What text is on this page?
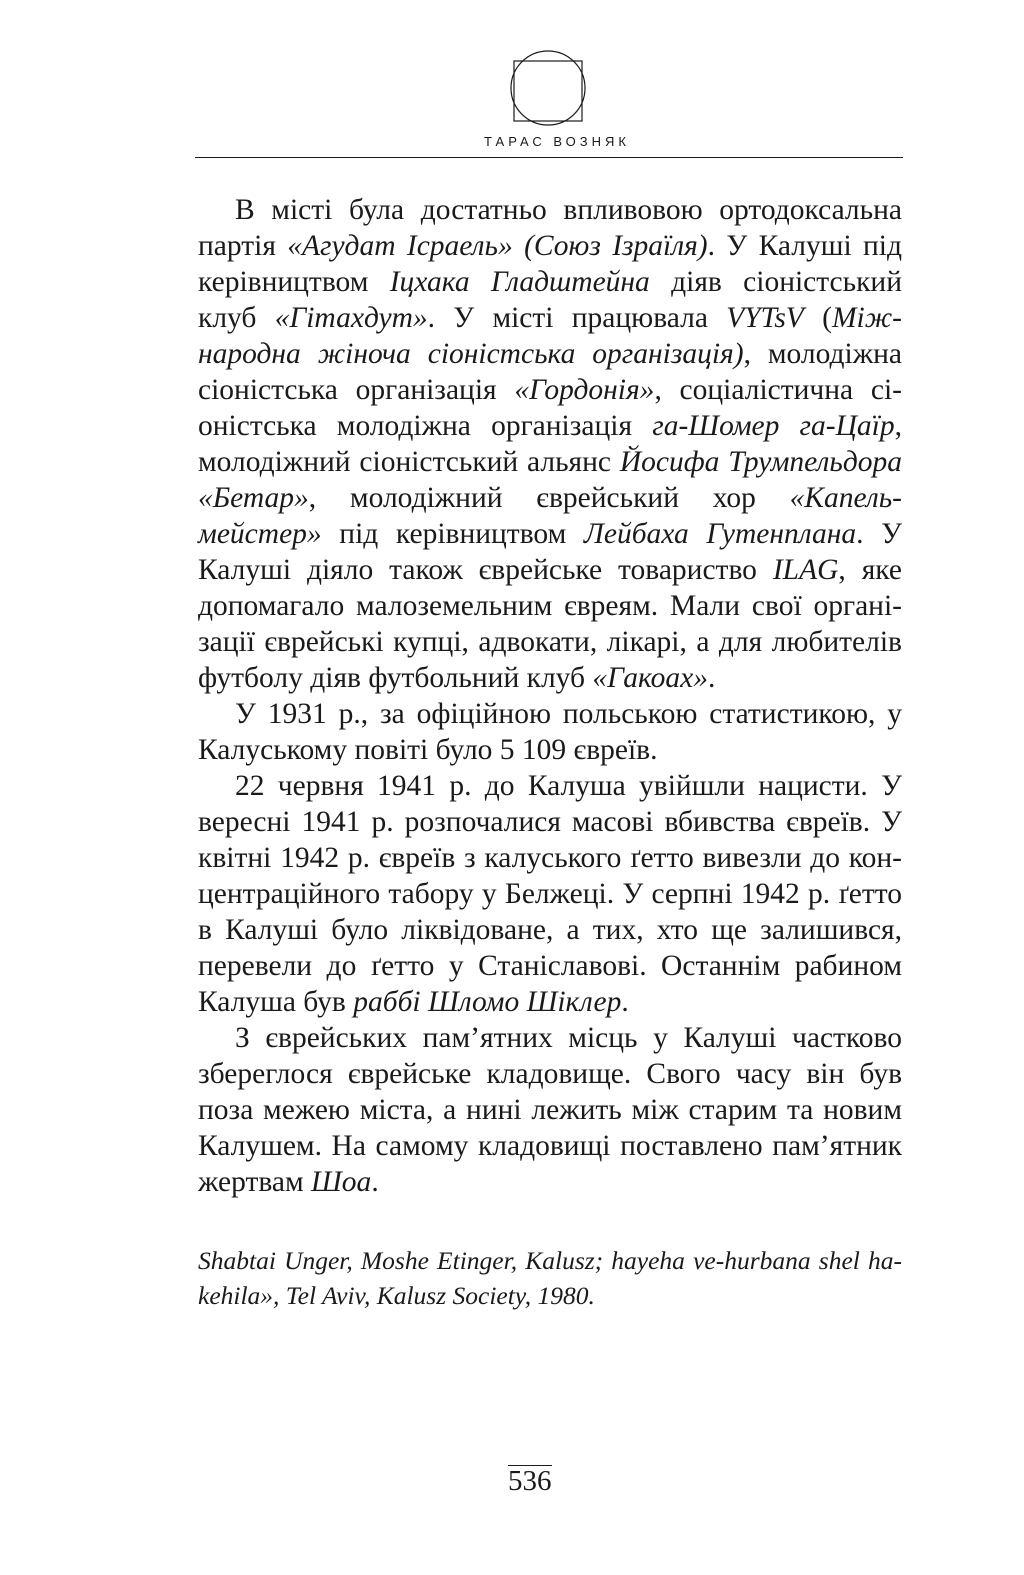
ТАРАС ВОЗНЯК

В місті була достатньо впливовою ортодоксальна партія «Агудат Ісраель» (Союз Ізраїля). У Калуші під керівництвом Іцхака Гладштейна діяв сіоністський клуб «Гітахдут». У місті працювала VYTsV (Міжнародна жіноча сіоністська організація), молодіжна сіоністська організація «Гордонія», соціалістична сіоністська молодіжна організація га-Шомер га-Цаїр, молодіжний сіоністський альянс Йосифа Трумпельдора «Бетар», молодіжний єврейський хор «Капельмейстер» під керівництвом Лейбаха Гутенплана. У Калуші діяло також єврейське товариство ILAG, яке допомагало малоземельним євреям. Мали свої організації єврейські купці, адвокати, лікарі, а для любителів футболу діяв футбольний клуб «Гакоах».

У 1931 р., за офіційною польською статистикою, у Калуському повіті було 5 109 євреїв.

22 червня 1941 р. до Калуша увійшли нацисти. У вересні 1941 р. розпочалися масові вбивства євреїв. У квітні 1942 р. євреїв з калуського ґетто вивезли до концентраційного табору у Белжеці. У серпні 1942 р. ґетто в Калуші було ліквідоване, а тих, хто ще залишився, перевели до ґетто у Станіславові. Останнім рабином Калуша був раббі Шломо Шіклер.

З єврейських пам’ятних місць у Калуші частково збереглося єврейське кладовище. Свого часу він був поза межею міста, а нині лежить між старим та новим Калушем. На самому кладовищі поставлено пам’ятник жертвам Шоа.

Shabtai Unger, Moshe Etinger, Kalusz; hayeha ve-hurbana shel ha-kehila», Tel Aviv, Kalusz Society, 1980.
536
